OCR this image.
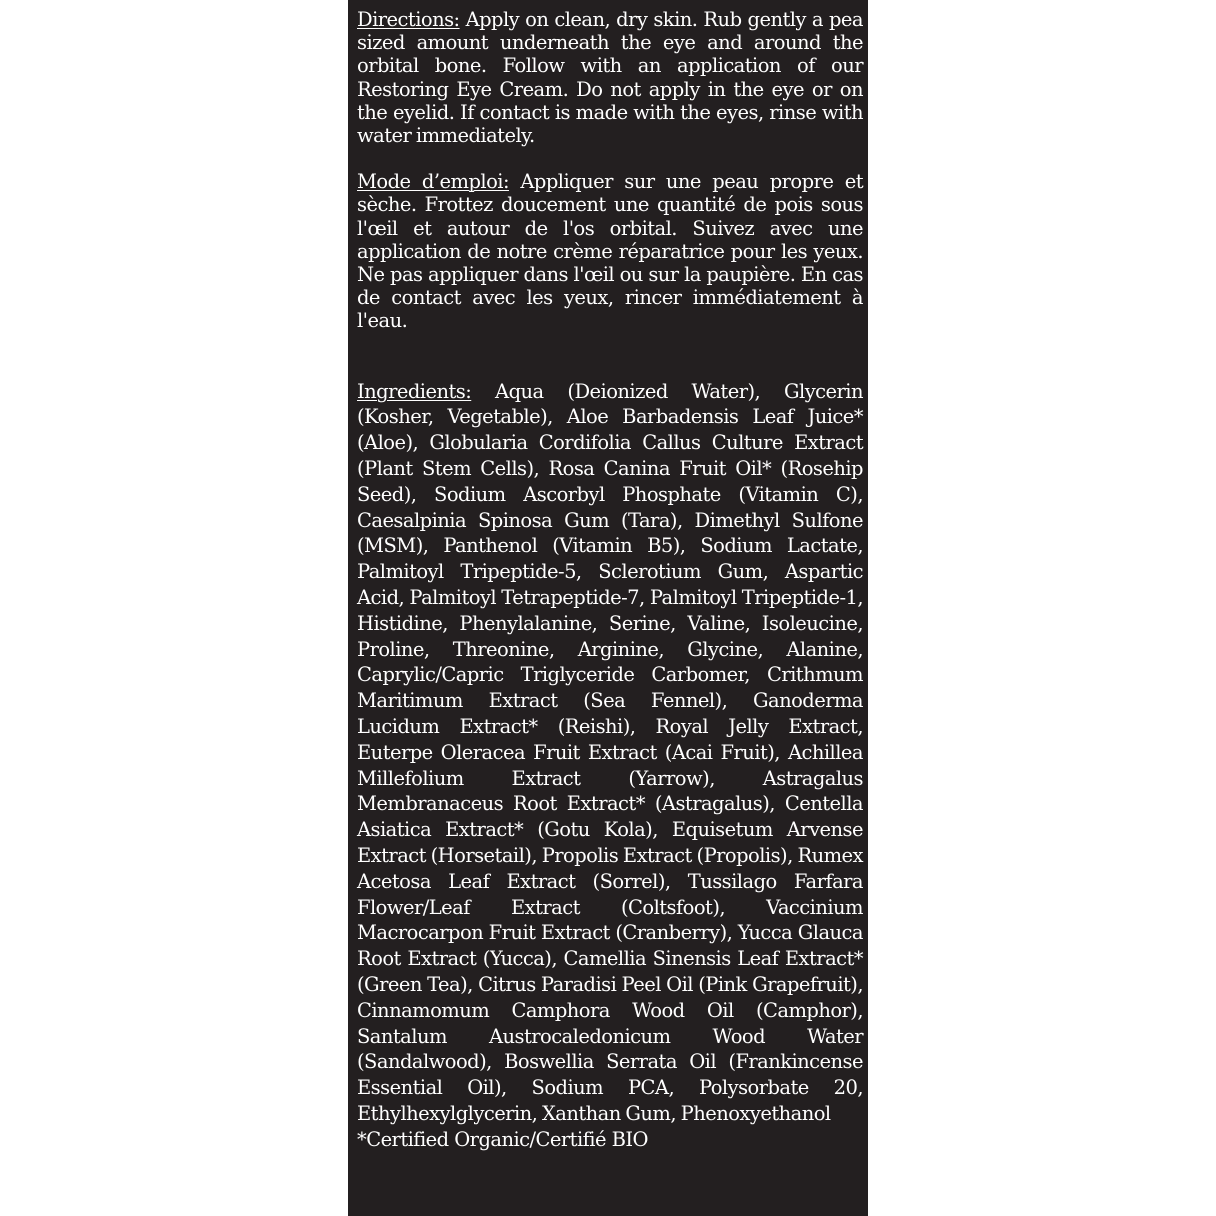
Directions: Apply on clean, dry skin. Rub gently a pea sized amount underneath the eye and around the orbital bone. Follow with an application of our Restoring Eye Cream. Do not apply in the eye or on the eyelid. If contact is made with the eyes, rinse with water immediately.

Mode d’emploi: Appliquer sur une peau propre et sèche. Frottez doucement une quantité de pois sous l'œil et autour de l'os orbital. Suivez avec une application de notre crème réparatrice pour les yeux. Ne pas appliquer dans l'œil ou sur la paupière. En cas de contact avec les yeux, rincer immédiatement à l'eau.

Ingredients: Aqua (Deionized Water), Glycerin (Kosher, Vegetable), Aloe Barbadensis Leaf Juice* (Aloe), Globularia Cordifolia Callus Culture Extract (Plant Stem Cells), Rosa Canina Fruit Oil* (Rosehip Seed), Sodium Ascorbyl Phosphate (Vitamin C), Caesalpinia Spinosa Gum (Tara), Dimethyl Sulfone (MSM), Panthenol (Vitamin B5), Sodium Lactate, Palmitoyl Tripeptide-5, Sclerotium Gum, Aspartic Acid, Palmitoyl Tetrapeptide-7, Palmitoyl Tripeptide-1, Histidine, Phenylalanine, Serine, Valine, Isoleucine, Proline, Threonine, Arginine, Glycine, Alanine, Caprylic/Capric Triglyceride Carbomer, Crithmum Maritimum Extract (Sea Fennel), Ganoderma Lucidum Extract* (Reishi), Royal Jelly Extract, Euterpe Oleracea Fruit Extract (Acai Fruit), Achillea Millefolium Extract (Yarrow), Astragalus Membranaceus Root Extract* (Astragalus), Centella Asiatica Extract* (Gotu Kola), Equisetum Arvense Extract (Horsetail), Propolis Extract (Propolis), Rumex Acetosa Leaf Extract (Sorrel), Tussilago Farfara Flower/Leaf Extract (Coltsfoot), Vaccinium Macrocarpon Fruit Extract (Cranberry), Yucca Glauca Root Extract (Yucca), Camellia Sinensis Leaf Extract* (Green Tea), Citrus Paradisi Peel Oil (Pink Grapefruit), Cinnamomum Camphora Wood Oil (Camphor), Santalum Austrocaledonicum Wood Water (Sandalwood), Boswellia Serrata Oil (Frankincense Essential Oil), Sodium PCA, Polysorbate 20, Ethylhexylglycerin, Xanthan Gum, Phenoxyethanol

*Certified Organic/Certifié BIO
